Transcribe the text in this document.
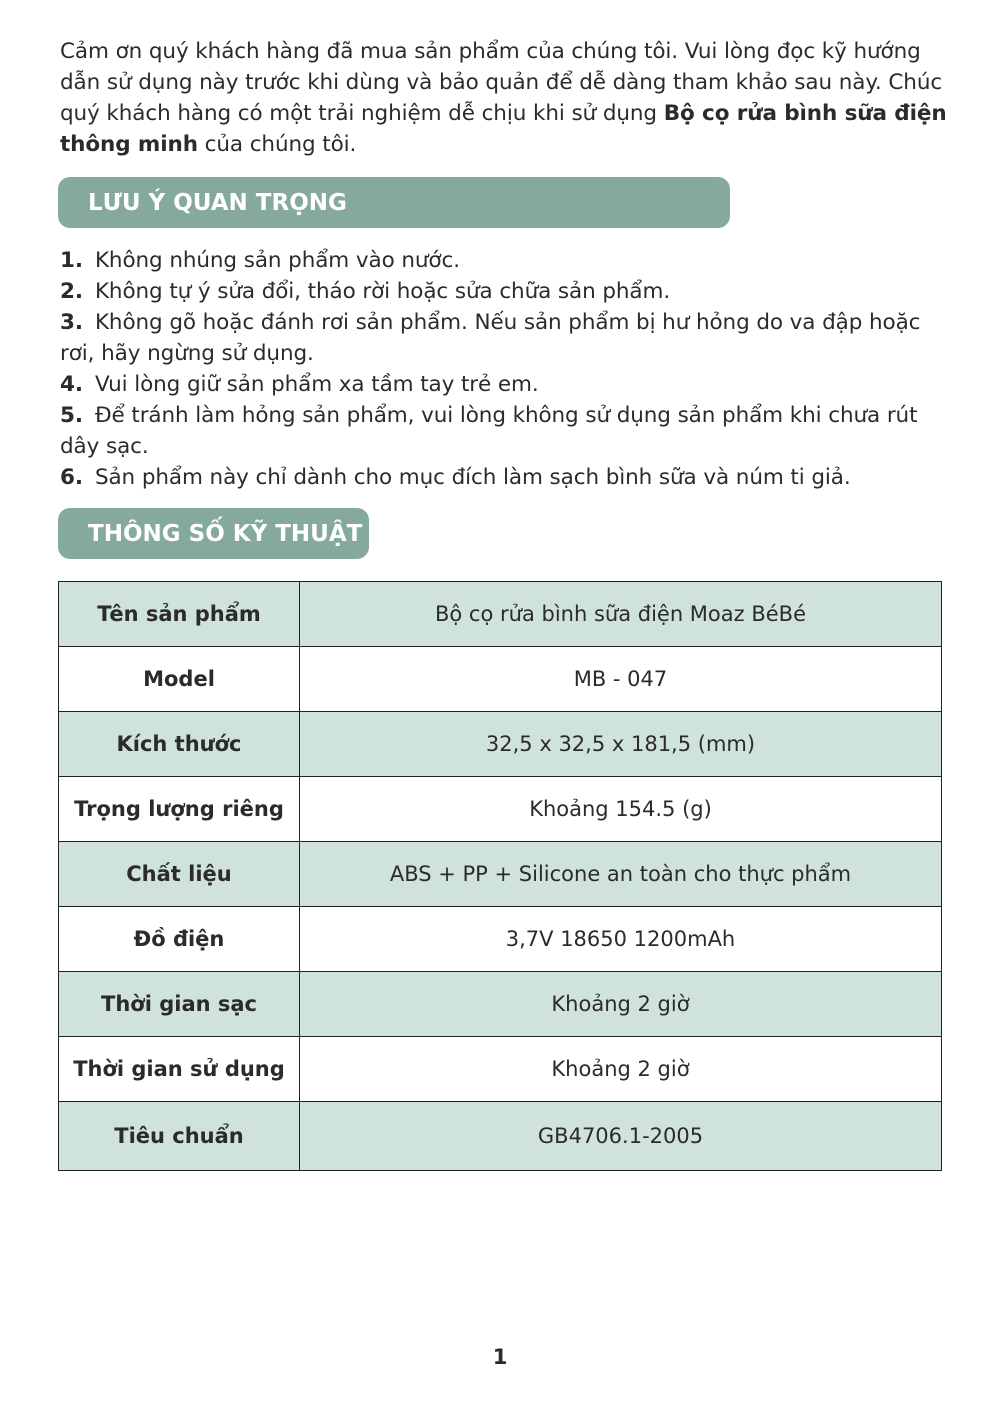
Cảm ơn quý khách hàng đã mua sản phẩm của chúng tôi. Vui lòng đọc kỹ hướng dẫn sử dụng này trước khi dùng và bảo quản để dễ dàng tham khảo sau này. Chúc quý khách hàng có một trải nghiệm dễ chịu khi sử dụng Bộ cọ rửa bình sữa điện thông minh của chúng tôi.

LƯU Ý QUAN TRỌNG
1. Không nhúng sản phẩm vào nước.
2. Không tự ý sửa đổi, tháo rời hoặc sửa chữa sản phẩm.
3. Không gõ hoặc đánh rơi sản phẩm. Nếu sản phẩm bị hư hỏng do va đập hoặc rơi, hãy ngừng sử dụng.
4. Vui lòng giữ sản phẩm xa tầm tay trẻ em.
5. Để tránh làm hỏng sản phẩm, vui lòng không sử dụng sản phẩm khi chưa rút dây sạc.
6. Sản phẩm này chỉ dành cho mục đích làm sạch bình sữa và núm ti giả.
THÔNG SỐ KỸ THUẬT
Tên sản phẩm	Bộ cọ rửa bình sữa điện Moaz BéBé
Model	MB - 047
Kích thước	32,5 x 32,5 x 181,5 (mm)
Trọng lượng riêng	Khoảng 154.5 (g)
Chất liệu	ABS + PP + Silicone an toàn cho thực phẩm
Đồ điện	3,7V 18650 1200mAh
Thời gian sạc	Khoảng 2 giờ
Thời gian sử dụng	Khoảng 2 giờ
Tiêu chuẩn	GB4706.1-2005
1
